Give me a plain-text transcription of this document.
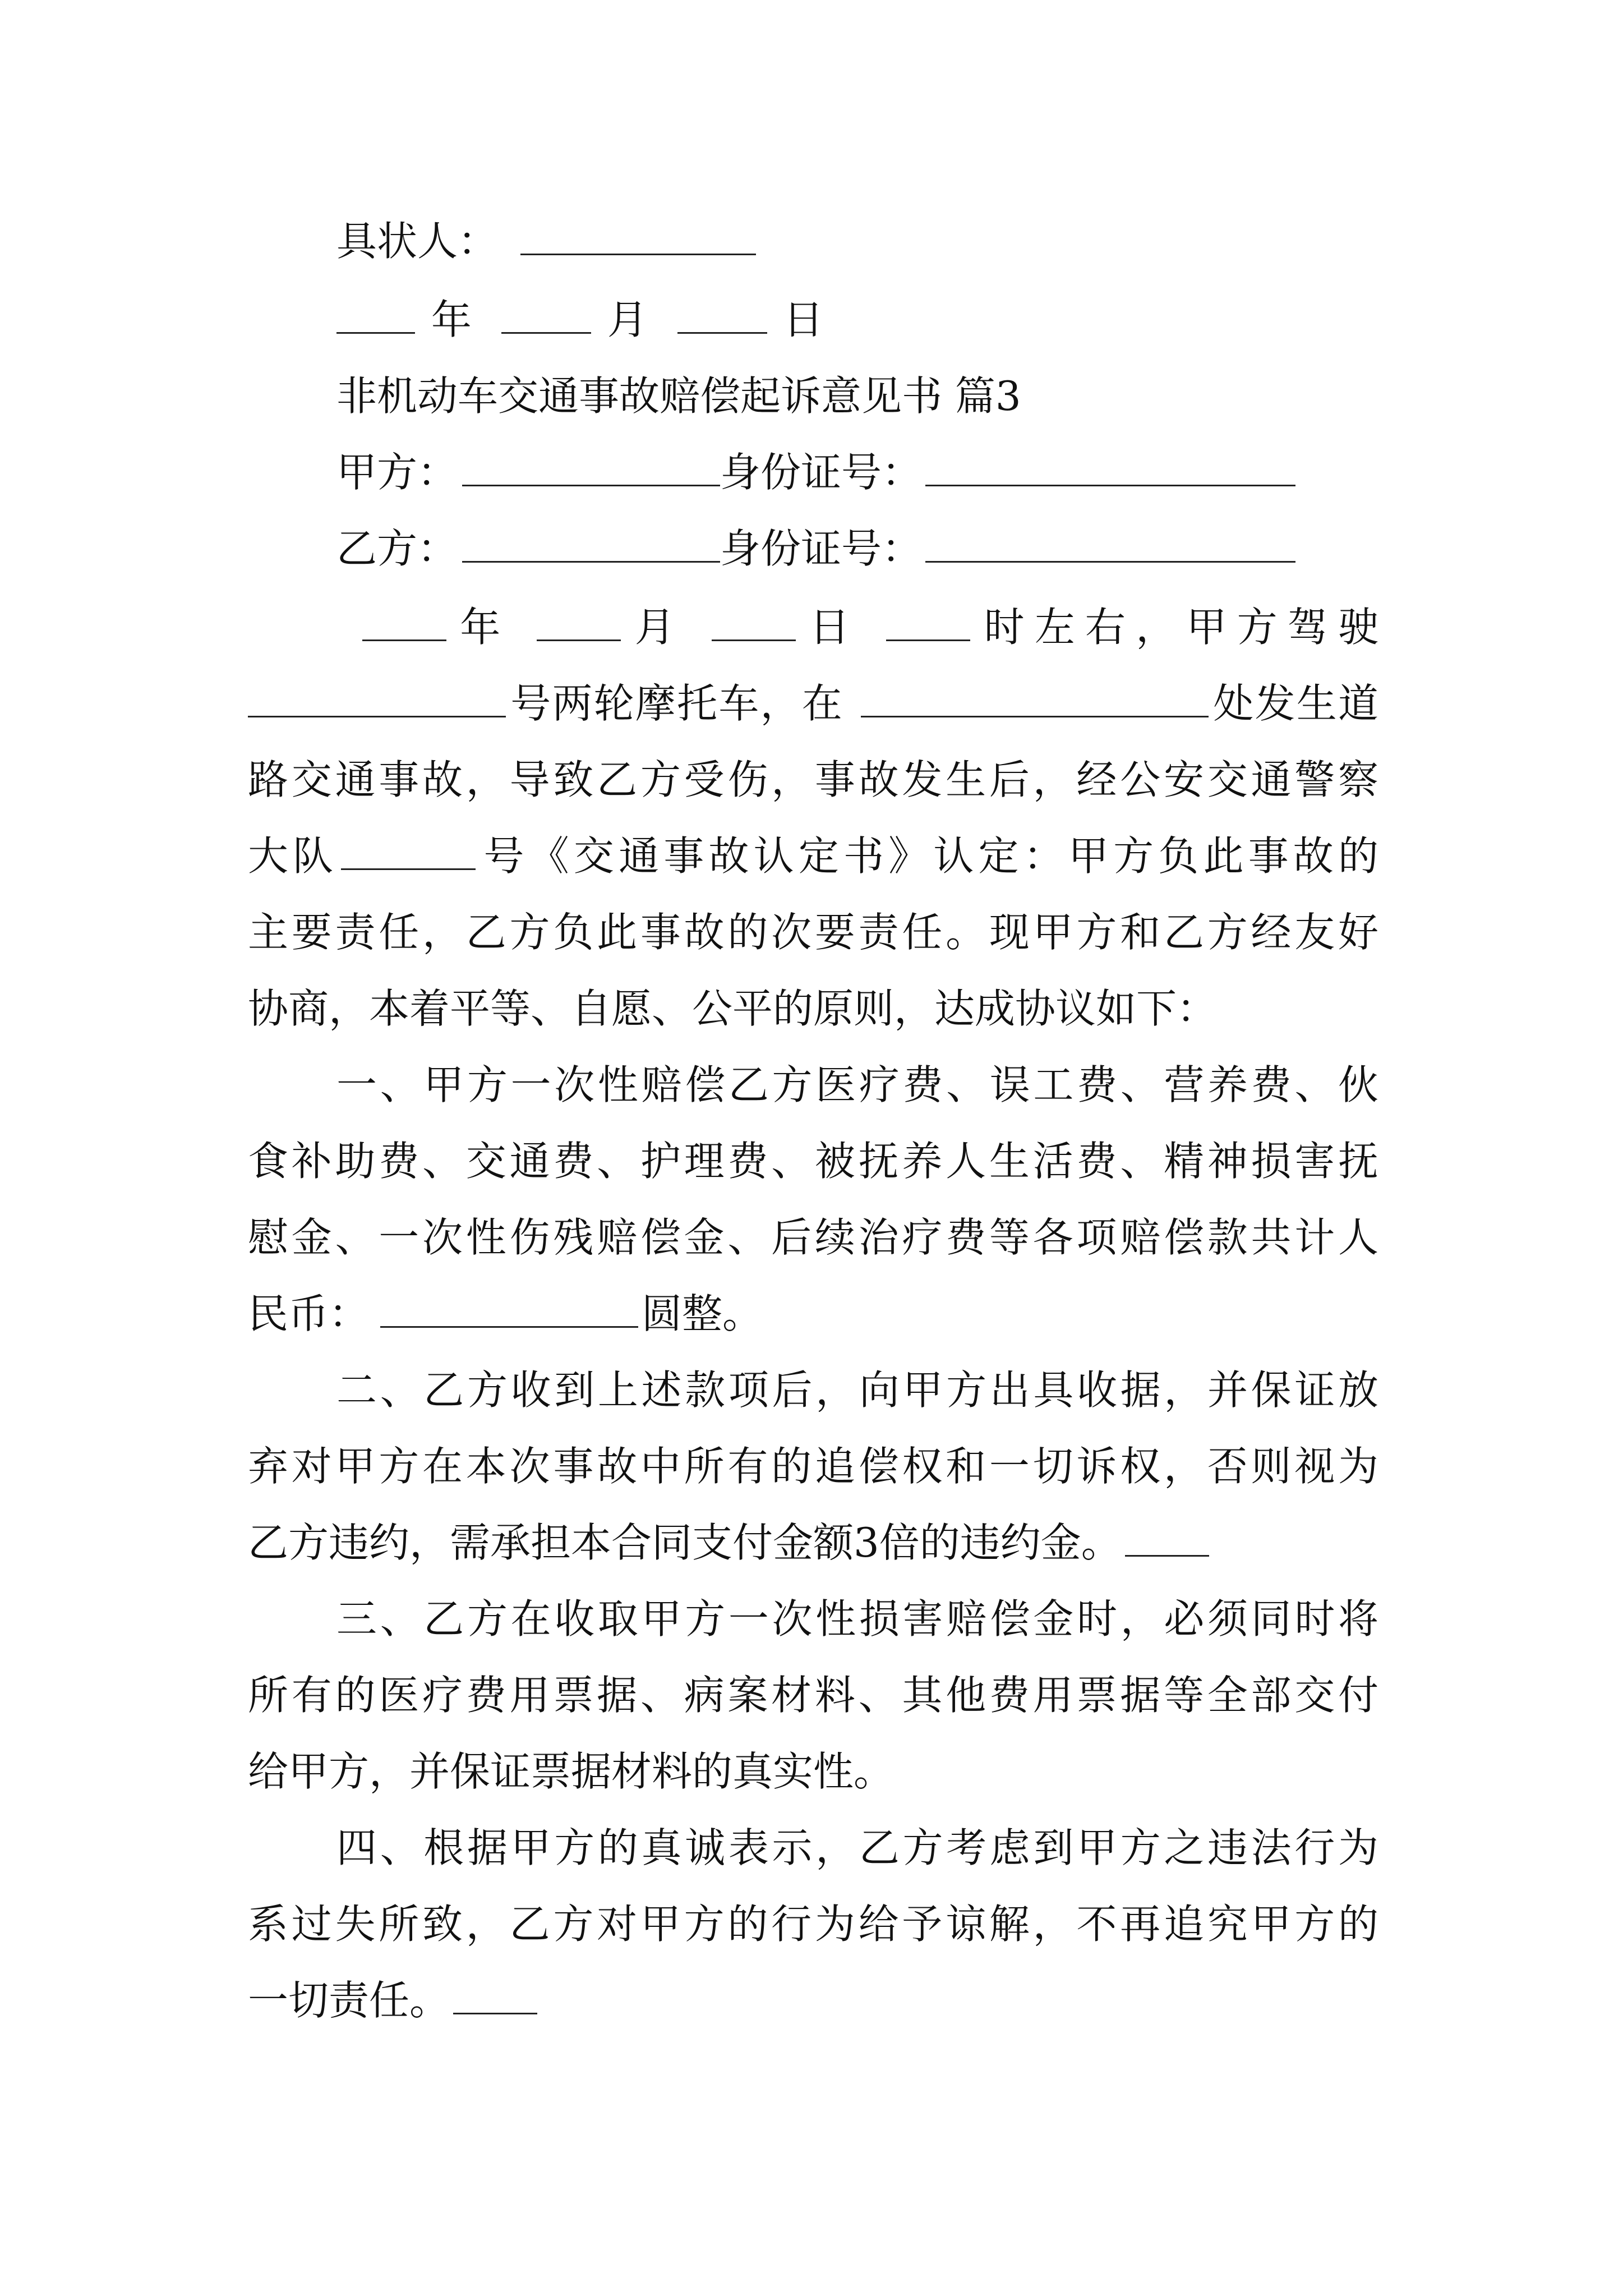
具状人：
年	月	日
非机动车交通事故赔偿起诉意见书 篇3
甲方：	身份证号：
乙方：	身份证号：
年	月	日	时左右，甲方驾驶
号两轮摩托车，在	处发生道
路交通事故，导致乙方受伤，事故发生后，经公安交通警察
大队	号《交通事故认定书》认定：甲方负此事故的
主要责任，乙方负此事故的次要责任。现甲方和乙方经友好
协商，本着平等、自愿、公平的原则，达成协议如下：
一、甲方一次性赔偿乙方医疗费、误工费、营养费、伙
食补助费、交通费、护理费、被抚养人生活费、精神损害抚
慰金、一次性伤残赔偿金、后续治疗费等各项赔偿款共计人
民币：	圆整。
二、乙方收到上述款项后，向甲方出具收据，并保证放
弃对甲方在本次事故中所有的追偿权和一切诉权，否则视为
乙方违约，需承担本合同支付金额3倍的违约金。
三、乙方在收取甲方一次性损害赔偿金时，必须同时将
所有的医疗费用票据、病案材料、其他费用票据等全部交付
给甲方，并保证票据材料的真实性。
四、根据甲方的真诚表示，乙方考虑到甲方之违法行为
系过失所致，乙方对甲方的行为给予谅解，不再追究甲方的
一切责任。
